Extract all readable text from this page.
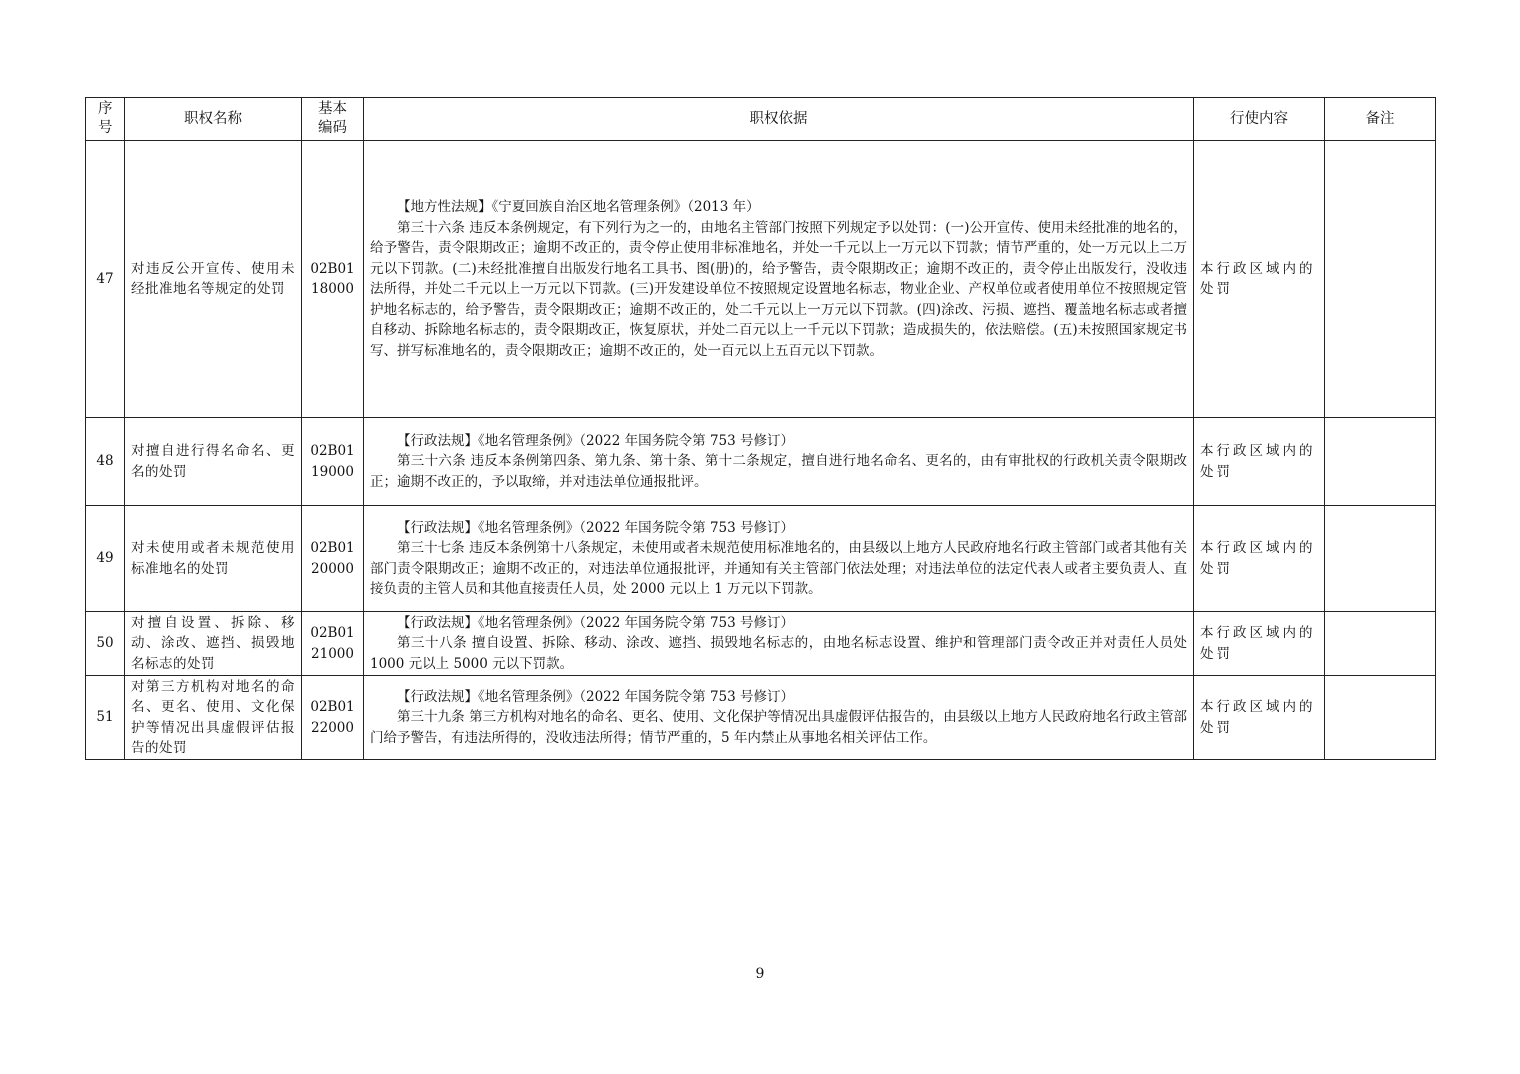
序号	职权名称	基本编码	职权依据	行使内容	备注
47	对违反公开宣传、使用未经批准地名等规定的处罚	02B01 18000	【地方性法规】《宁夏回族自治区地名管理条例》（2013 年）

第三十六条 违反本条例规定，有下列行为之一的，由地名主管部门按照下列规定予以处罚：(一)公开宣传、使用未经批准的地名的，给予警告，责令限期改正；逾期不改正的，责令停止使用非标准地名，并处一千元以上一万元以下罚款；情节严重的，处一万元以上二万元以下罚款。(二)未经批准擅自出版发行地名工具书、图(册)的，给予警告，责令限期改正；逾期不改正的，责令停止出版发行，没收违法所得，并处二千元以上一万元以下罚款。(三)开发建设单位不按照规定设置地名标志，物业企业、产权单位或者使用单位不按照规定管护地名标志的，给予警告，责令限期改正；逾期不改正的，处二千元以上一万元以下罚款。(四)涂改、污损、遮挡、覆盖地名标志或者擅自移动、拆除地名标志的，责令限期改正，恢复原状，并处二百元以上一千元以下罚款；造成损失的，依法赔偿。(五)未按照国家规定书写、拼写标准地名的，责令限期改正；逾期不改正的，处一百元以上五百元以下罚款。	本行政区域内的处罚	
48	对擅自进行得名命名、更名的处罚	02B01 19000	【行政法规】《地名管理条例》（2022 年国务院令第 753 号修订）

第三十六条 违反本条例第四条、第九条、第十条、第十二条规定，擅自进行地名命名、更名的，由有审批权的行政机关责令限期改正；逾期不改正的，予以取缔，并对违法单位通报批评。	本行政区域内的处罚	
49	对未使用或者未规范使用标准地名的处罚	02B01 20000	【行政法规】《地名管理条例》（2022 年国务院令第 753 号修订）

第三十七条 违反本条例第十八条规定，未使用或者未规范使用标准地名的，由县级以上地方人民政府地名行政主管部门或者其他有关部门责令限期改正；逾期不改正的，对违法单位通报批评，并通知有关主管部门依法处理；对违法单位的法定代表人或者主要负责人、直接负责的主管人员和其他直接责任人员，处 2000 元以上 1 万元以下罚款。	本行政区域内的处罚	
50	对擅自设置、拆除、移动、涂改、遮挡、损毁地名标志的处罚	02B01 21000	【行政法规】《地名管理条例》（2022 年国务院令第 753 号修订）

第三十八条 擅自设置、拆除、移动、涂改、遮挡、损毁地名标志的，由地名标志设置、维护和管理部门责令改正并对责任人员处 1000 元以上 5000 元以下罚款。	本行政区域内的处罚	
51	对第三方机构对地名的命名、更名、使用、文化保护等情况出具虚假评估报告的处罚	02B01 22000	【行政法规】《地名管理条例》（2022 年国务院令第 753 号修订）

第三十九条 第三方机构对地名的命名、更名、使用、文化保护等情况出具虚假评估报告的，由县级以上地方人民政府地名行政主管部门给予警告，有违法所得的，没收违法所得；情节严重的，5 年内禁止从事地名相关评估工作。	本行政区域内的处罚	
9
